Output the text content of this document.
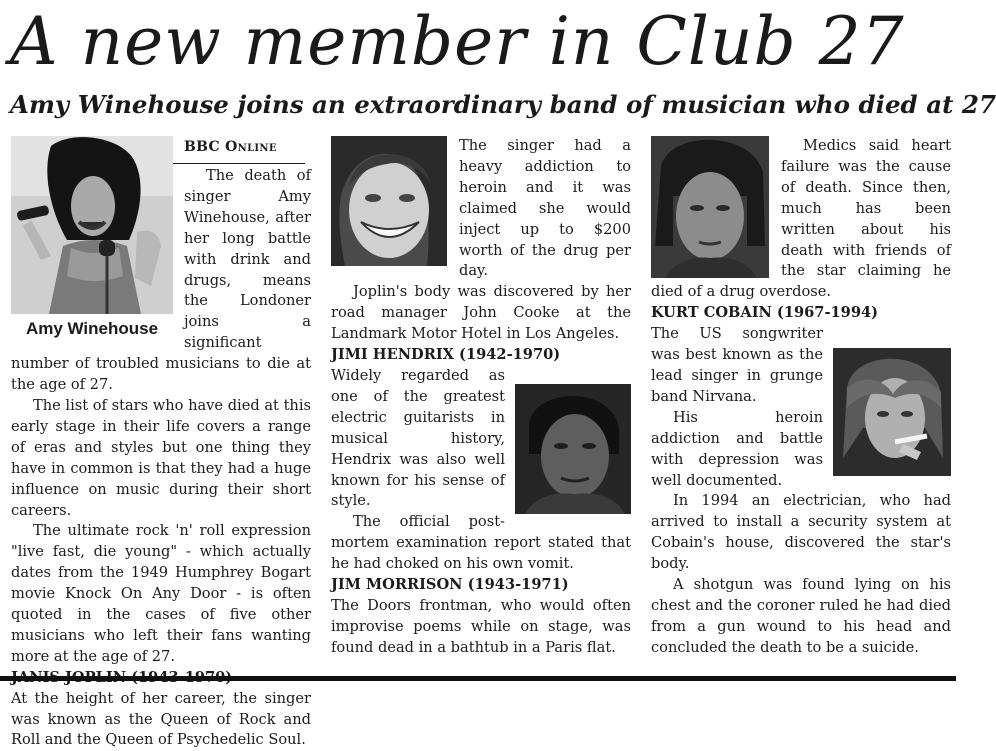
A new member in Club 27
Amy Winehouse joins an extraordinary band of musician who died at 27
Amy Winehouse
BBC Online

The death of singer Amy Winehouse, after her long battle with drink and drugs, means the Londoner joins a significant number of troubled musicians to die at the age of 27.

The list of stars who have died at this early stage in their life covers a range of eras and styles but one thing they have in common is that they had a huge influence on music during their short careers.

The ultimate rock 'n' roll expression "live fast, die young" - which actually dates from the 1949 Humphrey Bogart movie Knock On Any Door - is often quoted in the cases of five other musicians who left their fans wanting more at the age of 27.

At the height of her career, the singer was known as the Queen of Rock and Roll and the Queen of Psychedelic Soul.

The singer had a heavy addiction to heroin and it was claimed she would inject up to $200 worth of the drug per day.

Joplin's body was discovered by her road manager John Cooke at the Landmark Motor Hotel in Los Angeles.

JIMI HENDRIX (1942-1970)

Widely regarded as one of the greatest electric guitarists in musical history, Hendrix was also well known for his sense of style.

The official post-mortem examination report stated that he had choked on his own vomit.

JIM MORRISON (1943-1971)

The Doors frontman, who would often improvise poems while on stage, was found dead in a bathtub in a Paris flat.

Medics said heart failure was the cause of death. Since then, much has been written about his death with friends of the star claiming he died of a drug overdose.

KURT COBAIN (1967-1994)

The US songwriter was best known as the lead singer in grunge band Nirvana.

His heroin addiction and battle with depression was well documented.

In 1994 an electrician, who had arrived to install a security system at Cobain's house, discovered the star's body.

A shotgun was found lying on his chest and the coroner ruled he had died from a gun wound to his head and concluded the death to be a suicide.
